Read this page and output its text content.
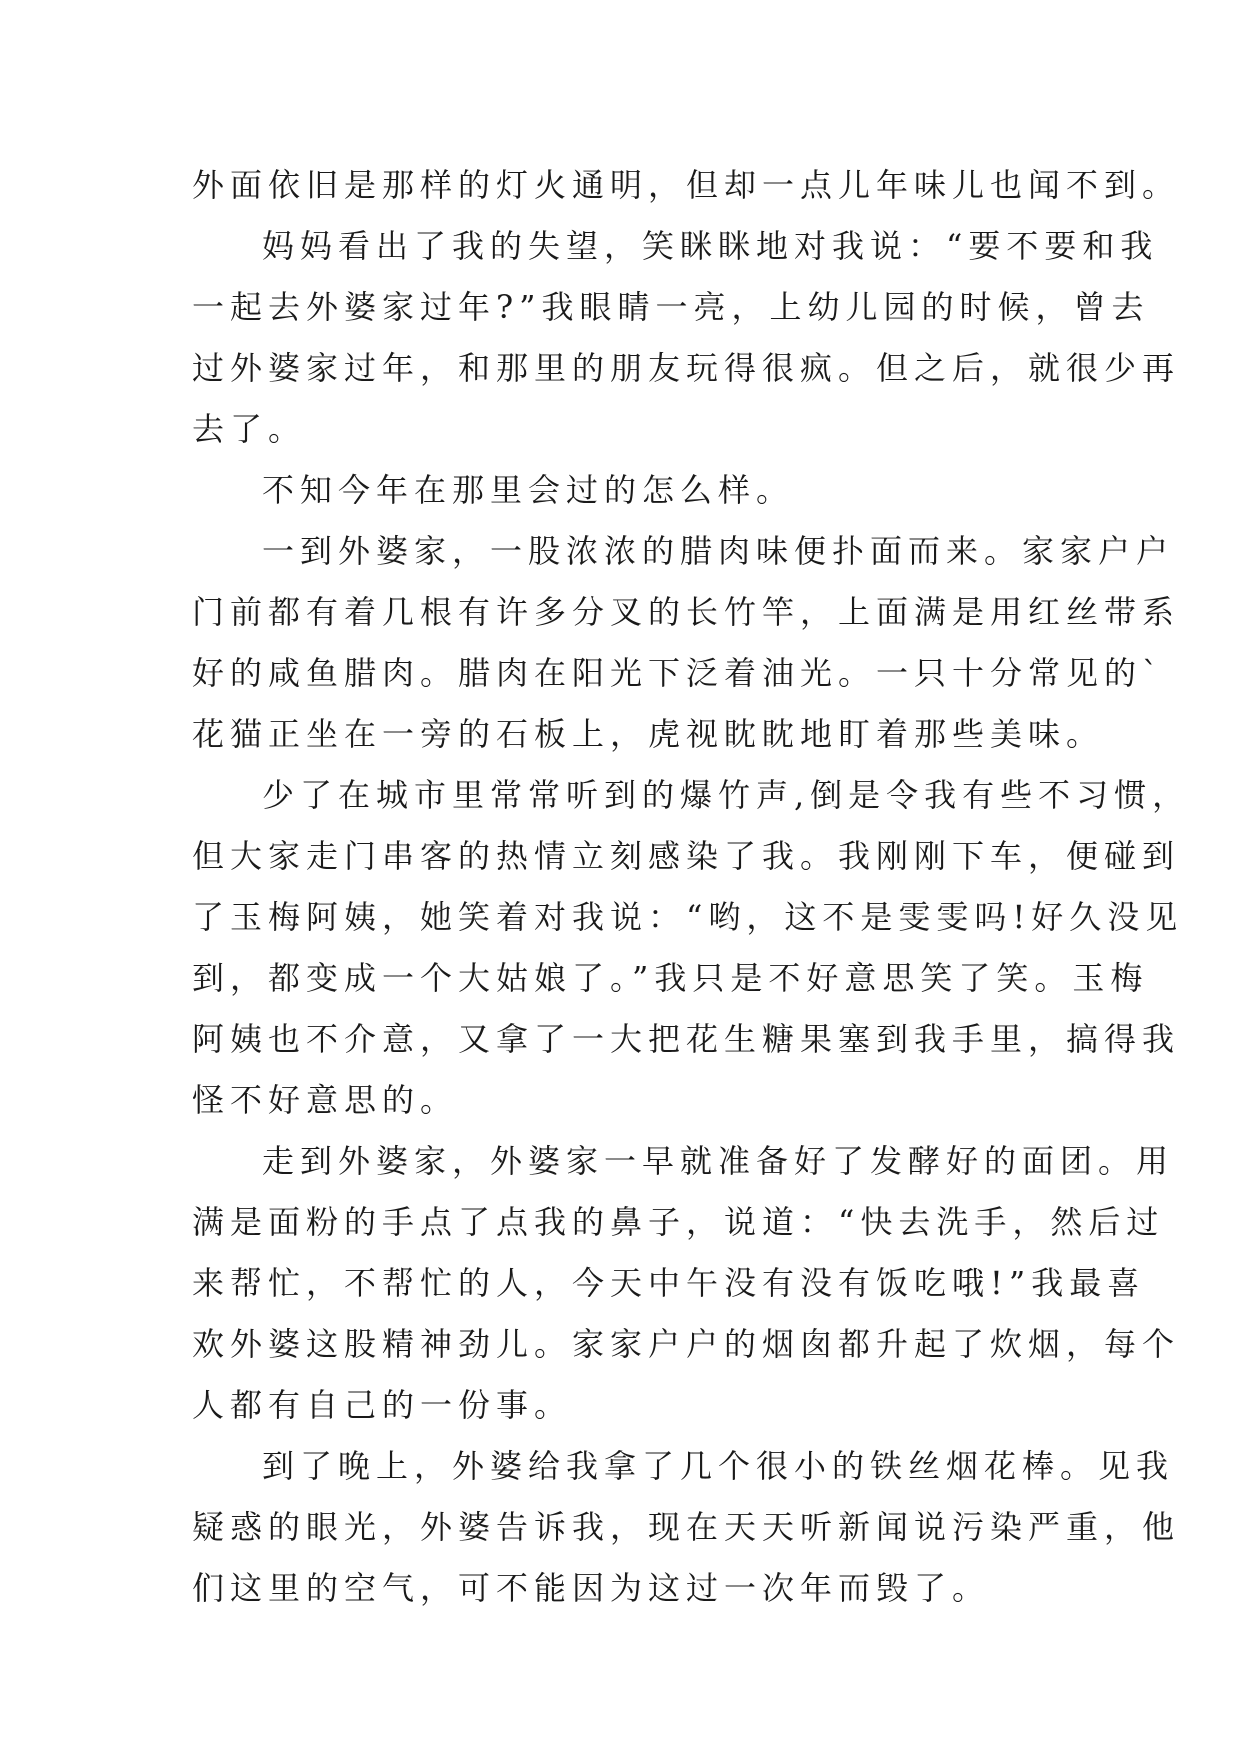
外面依旧是那样的灯火通明，但却一点儿年味儿也闻不到。
妈妈看出了我的失望，笑眯眯地对我说：“要不要和我
一起去外婆家过年?”我眼睛一亮，上幼儿园的时候，曾去
过外婆家过年，和那里的朋友玩得很疯。但之后，就很少再
去了。
不知今年在那里会过的怎么样。
一到外婆家，一股浓浓的腊肉味便扑面而来。家家户户
门前都有着几根有许多分叉的长竹竿，上面满是用红丝带系
好的咸鱼腊肉。腊肉在阳光下泛着油光。一只十分常见的`
花猫正坐在一旁的石板上，虎视眈眈地盯着那些美味。
少了在城市里常常听到的爆竹声,倒是令我有些不习惯，
但大家走门串客的热情立刻感染了我。我刚刚下车，便碰到
了玉梅阿姨，她笑着对我说：“哟，这不是雯雯吗!好久没见
到，都变成一个大姑娘了。”我只是不好意思笑了笑。玉梅
阿姨也不介意，又拿了一大把花生糖果塞到我手里，搞得我
怪不好意思的。
走到外婆家，外婆家一早就准备好了发酵好的面团。用
满是面粉的手点了点我的鼻子，说道：“快去洗手，然后过
来帮忙，不帮忙的人，今天中午没有没有饭吃哦!”我最喜
欢外婆这股精神劲儿。家家户户的烟囱都升起了炊烟，每个
人都有自己的一份事。
到了晚上，外婆给我拿了几个很小的铁丝烟花棒。见我
疑惑的眼光，外婆告诉我，现在天天听新闻说污染严重，他
们这里的空气，可不能因为这过一次年而毁了。
